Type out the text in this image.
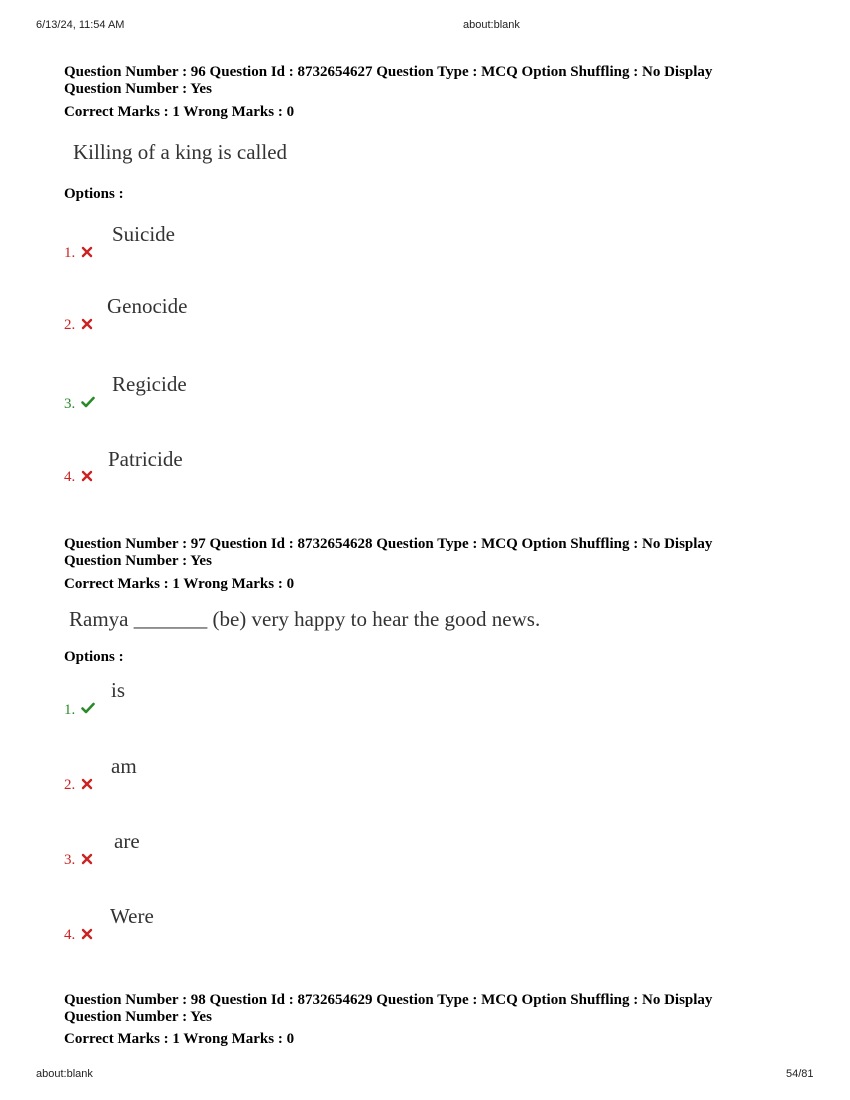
6/13/24, 11:54 AM	about:blank

Question Number : 96 Question Id : 8732654627 Question Type : MCQ Option Shuffling : No Display

Question Number : Yes

Correct Marks : 1 Wrong Marks : 0
Killing of a king is called
Options :
1.
Suicide
2.
Genocide
3.
Regicide
4.
Patricide

Question Number : 97 Question Id : 8732654628 Question Type : MCQ Option Shuffling : No Display

Question Number : Yes

Correct Marks : 1 Wrong Marks : 0
Ramya _______ (be) very happy to hear the good news.
Options :
1.
is
2.
am
3.
are
4.
Were

Question Number : 98 Question Id : 8732654629 Question Type : MCQ Option Shuffling : No Display

Question Number : Yes

Correct Marks : 1 Wrong Marks : 0
about:blank	54/81
